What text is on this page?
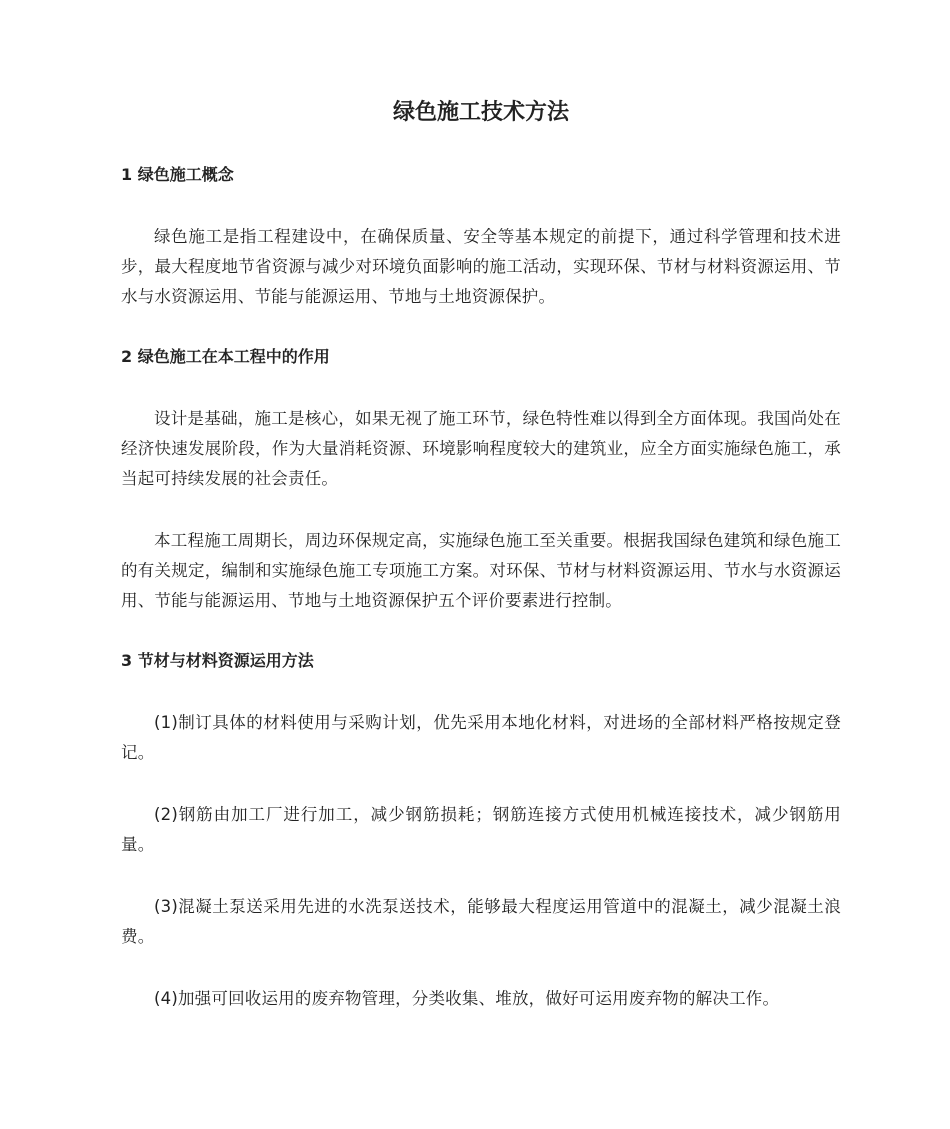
绿色施工技术方法
1 绿色施工概念

绿色施工是指工程建设中，在确保质量、安全等基本规定的前提下，通过科学管理和技术进步，最大程度地节省资源与减少对环境负面影响的施工活动，实现环保、节材与材料资源运用、节水与水资源运用、节能与能源运用、节地与土地资源保护。

2 绿色施工在本工程中的作用

设计是基础，施工是核心，如果无视了施工环节，绿色特性难以得到全方面体现。我国尚处在经济快速发展阶段，作为大量消耗资源、环境影响程度较大的建筑业，应全方面实施绿色施工，承当起可持续发展的社会责任。

本工程施工周期长，周边环保规定高，实施绿色施工至关重要。根据我国绿色建筑和绿色施工的有关规定，编制和实施绿色施工专项施工方案。对环保、节材与材料资源运用、节水与水资源运用、节能与能源运用、节地与土地资源保护五个评价要素进行控制。

3 节材与材料资源运用方法

(1)制订具体的材料使用与采购计划，优先采用本地化材料，对进场的全部材料严格按规定登记。

(2)钢筋由加工厂进行加工，减少钢筋损耗；钢筋连接方式使用机械连接技术，减少钢筋用量。

(3)混凝土泵送采用先进的水洗泵送技术，能够最大程度运用管道中的混凝土，减少混凝土浪费。

(4)加强可回收运用的废弃物管理，分类收集、堆放，做好可运用废弃物的解决工作。
